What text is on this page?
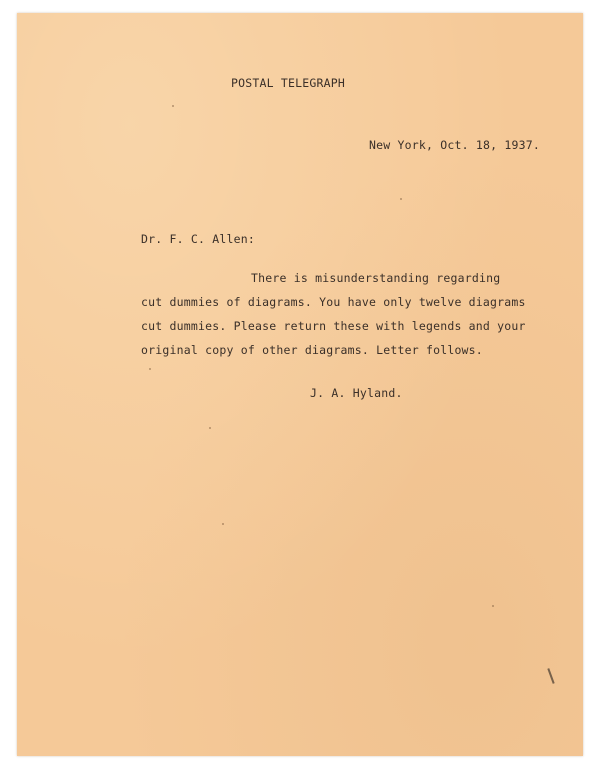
POSTAL TELEGRAPH
New York, Oct. 18, 1937.
Dr. F. C. Allen:
There is misunderstanding regarding
cut dummies of diagrams. You have only twelve diagrams
cut dummies. Please return these with legends and your
original copy of other diagrams. Letter follows.
J. A. Hyland.
